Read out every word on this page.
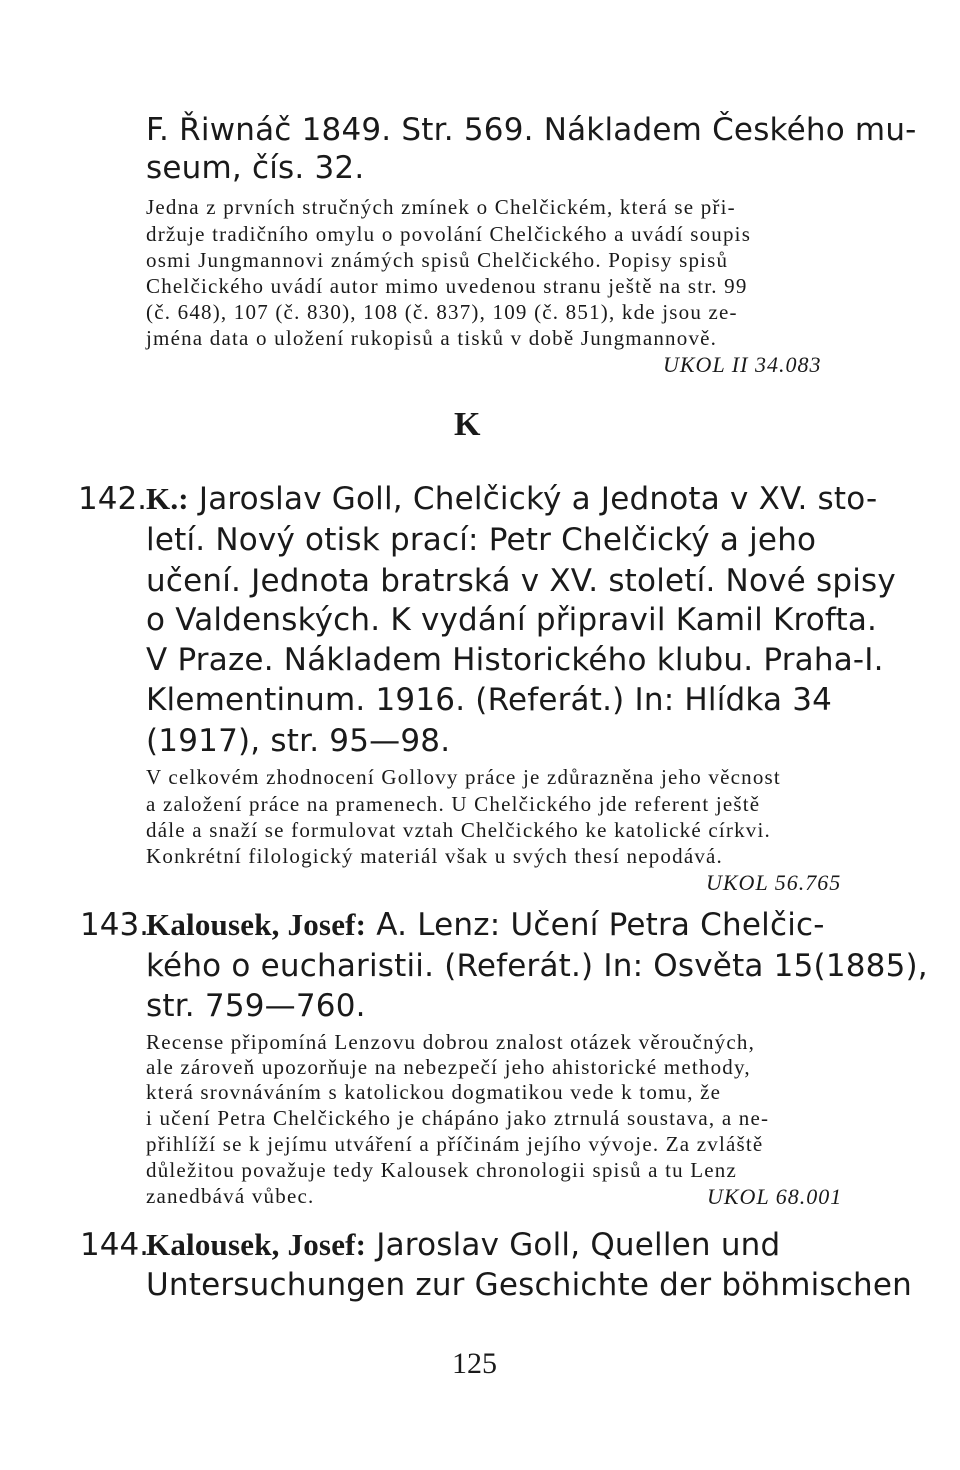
F. Řiwnáč 1849. Str. 569. Nákladem Českého mu-
seum, čís. 32.
Jedna z prvních stručných zmínek o Chelčickém, která se při-
držuje tradičního omylu o povolání Chelčického a uvádí soupis
osmi Jungmannovi známých spisů Chelčického. Popisy spisů
Chelčického uvádí autor mimo uvedenou stranu ještě na str. 99
(č. 648), 107 (č. 830), 108 (č. 837), 109 (č. 851), kde jsou ze-
jména data o uložení rukopisů a tisků v době Jungmannově.
UKOL II 34.083
K
142.
K.: Jaroslav Goll, Chelčický a Jednota v XV. sto-
letí. Nový otisk prací: Petr Chelčický a jeho
učení. Jednota bratrská v XV. století. Nové spisy
o Valdenských. K vydání připravil Kamil Krofta.
V Praze. Nákladem Historického klubu. Praha-I.
Klementinum. 1916. (Referát.) In: Hlídka 34
(1917), str. 95—98.
V celkovém zhodnocení Gollovy práce je zdůrazněna jeho věcnost
a založení práce na pramenech. U Chelčického jde referent ještě
dále a snaží se formulovat vztah Chelčického ke katolické církvi.
Konkrétní filologický materiál však u svých thesí nepodává.
UKOL 56.765
143.
Kalousek, Josef: A. Lenz: Učení Petra Chelčic-
kého o eucharistii. (Referát.) In: Osvěta 15(1885),
str. 759—760.
Recense připomíná Lenzovu dobrou znalost otázek věroučných,
ale zároveň upozorňuje na nebezpečí jeho ahistorické methody,
která srovnáváním s katolickou dogmatikou vede k tomu, že
i učení Petra Chelčického je chápáno jako ztrnulá soustava, a ne-
přihlíží se k jejímu utváření a příčinám jejího vývoje. Za zvláště
důležitou považuje tedy Kalousek chronologii spisů a tu Lenz
zanedbává vůbec.	UKOL 68.001
144.
Kalousek, Josef: Jaroslav Goll, Quellen und
Untersuchungen zur Geschichte der böhmischen
125
